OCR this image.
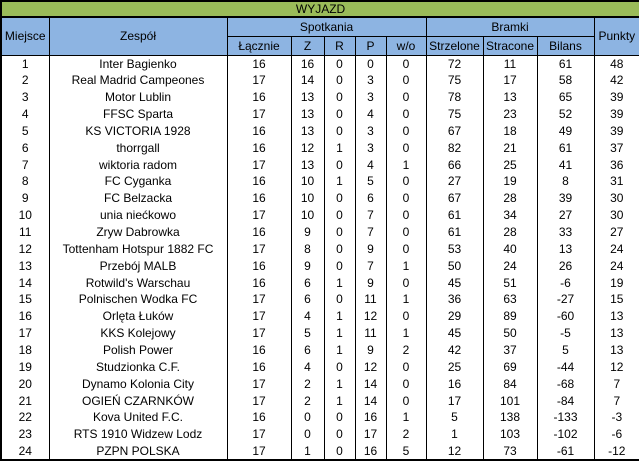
WYJAZD										
Miejsce	Zespół	Spotkania					Bramki			Punkty
		Łącznie	Z	R	P	w/o	Strzelone	Stracone	Bilans	
1	Inter Bagienko	16	16	0	0	0	72	11	61	48
2	Real Madrid Campeones	17	14	0	3	0	75	17	58	42
3	Motor Lublin	16	13	0	3	0	78	13	65	39
4	FFSC Sparta	17	13	0	4	0	75	23	52	39
5	KS VICTORIA 1928	16	13	0	3	0	67	18	49	39
6	thorrgall	16	12	1	3	0	82	21	61	37
7	wiktoria radom	17	13	0	4	1	66	25	41	36
8	FC Cyganka	16	10	1	5	0	27	19	8	31
9	FC Belzacka	16	10	0	6	0	67	28	39	30
10	unia niećkowo	17	10	0	7	0	61	34	27	30
11	Zryw Dabrowka	16	9	0	7	0	61	28	33	27
12	Tottenham Hotspur 1882 FC	17	8	0	9	0	53	40	13	24
13	Przebój MALB	16	9	0	7	1	50	24	26	24
14	Rotwild's Warschau	16	6	1	9	0	45	51	-6	19
15	Polnischen Wodka FC	17	6	0	11	1	36	63	-27	15
16	Orlęta Łuków	17	4	1	12	0	29	89	-60	13
17	KKS Kolejowy	17	5	1	11	1	45	50	-5	13
18	Polish Power	16	6	1	9	2	42	37	5	13
19	Studzionka C.F.	16	4	0	12	0	25	69	-44	12
20	Dynamo Kolonia City	17	2	1	14	0	16	84	-68	7
21	OGIEŃ CZARNKÓW	17	2	1	14	0	17	101	-84	7
22	Kova United F.C.	16	0	0	16	1	5	138	-133	-3
23	RTS 1910 Widzew Lodz	17	0	0	17	2	1	103	-102	-6
24	PZPN POLSKA	17	1	0	16	5	12	73	-61	-12
